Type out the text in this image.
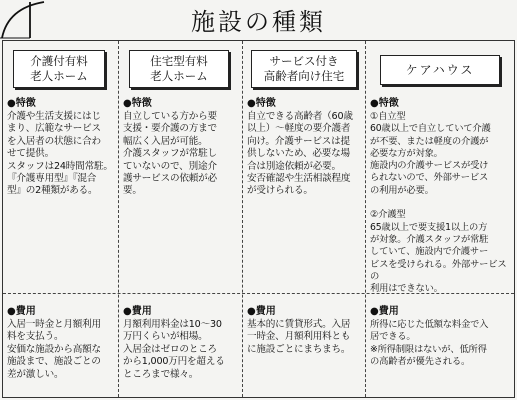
施設の種類
介護付有料
老人ホーム
●特徴
介護や生活支援にはじ
まり、広範なサービス
を入居者の状態に合わ
せて提供。
スタッフは24時間常駐。
『介護専用型』『混合
型』の2種類がある。
●費用
入居一時金と月額利用
料を支払う。
安価な施設から高額な
施設まで、施設ごとの
差が激しい。
住宅型有料
老人ホーム
●特徴
自立している方から要
支援・要介護の方まで
幅広く入居が可能。
介護スタッフが常駐し
ていないので、別途介
護サービスの依頼が必
要。
●費用
月額利用料金は10～30
万円くらいが相場。
入居金はゼロのところ
から1,000万円を超える
ところまで様々。
サービス付き
高齢者向け住宅
●特徴
自立できる高齢者（60歳
以上）～軽度の要介護者
向け。介護サービスは提
供しないため、必要な場
合は別途依頼が必要。
安否確認や生活相談程度
が受けられる。
●費用
基本的に賃貸形式。入居
一時金、月額利用料とも
に施設ごとにまちまち。
ケアハウス
●特徴
①自立型
60歳以上で自立していて介護
が不要、または軽度の介護が
必要な方が対象。
施設内の介護サービスが受け
られないので、外部サービス
の利用が必要。

②介護型
65歳以上で要支援1以上の方
が対象。介護スタッフが常駐
していて、施設内で介護サー
ビスを受けられる。外部サービスの
利用はできない。
●費用
所得に応じた低額な料金で入
居できる。
※所得制限はないが、低所得
の高齢者が優先される。
